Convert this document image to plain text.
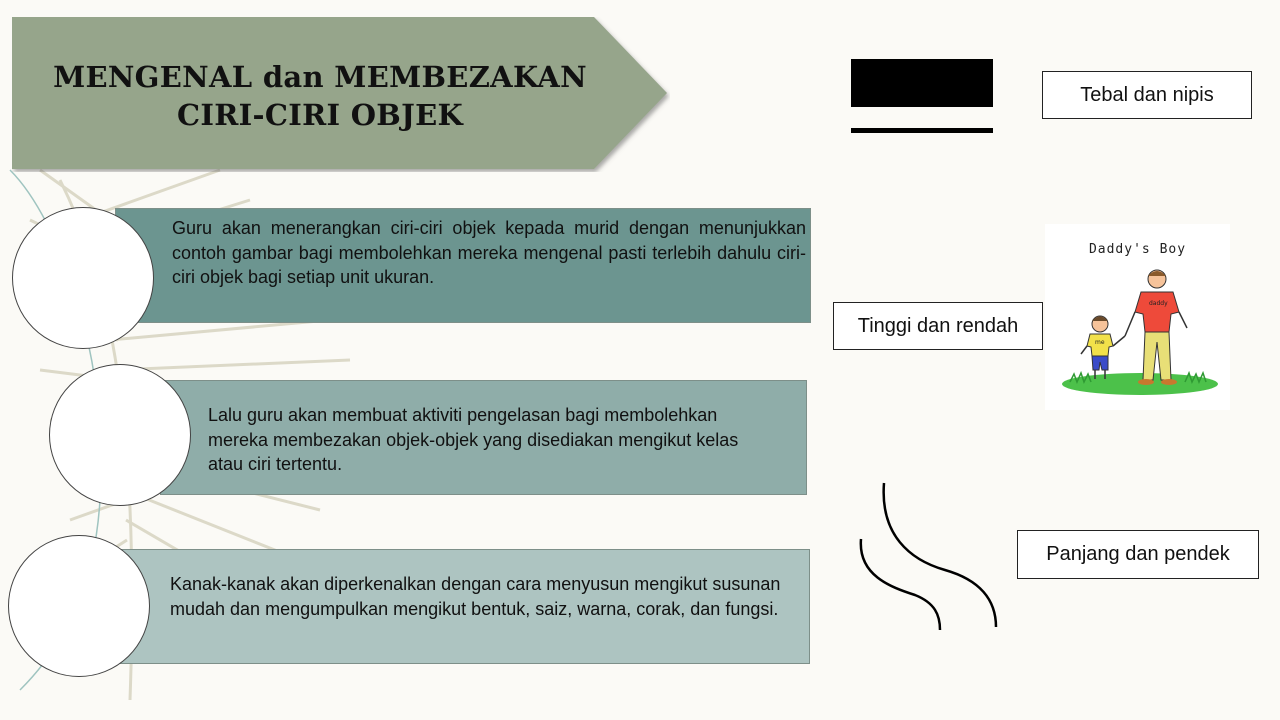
MENGENAL dan MEMBEZAKAN
CIRI-CIRI OBJEK
Guru akan menerangkan ciri-ciri objek kepada murid dengan menunjukkan contoh gambar bagi membolehkan mereka mengenal pasti terlebih dahulu ciri-ciri objek bagi setiap unit ukuran.
Lalu guru akan membuat aktiviti pengelasan bagi membolehkan mereka membezakan objek-objek yang disediakan mengikut kelas atau ciri tertentu.
Kanak-kanak akan diperkenalkan dengan cara menyusun mengikut susunan mudah dan mengumpulkan mengikut bentuk, saiz, warna, corak, dan fungsi.
Tebal dan nipis
Daddy's Boy
daddy
me
Tinggi dan rendah
Panjang dan pendek
